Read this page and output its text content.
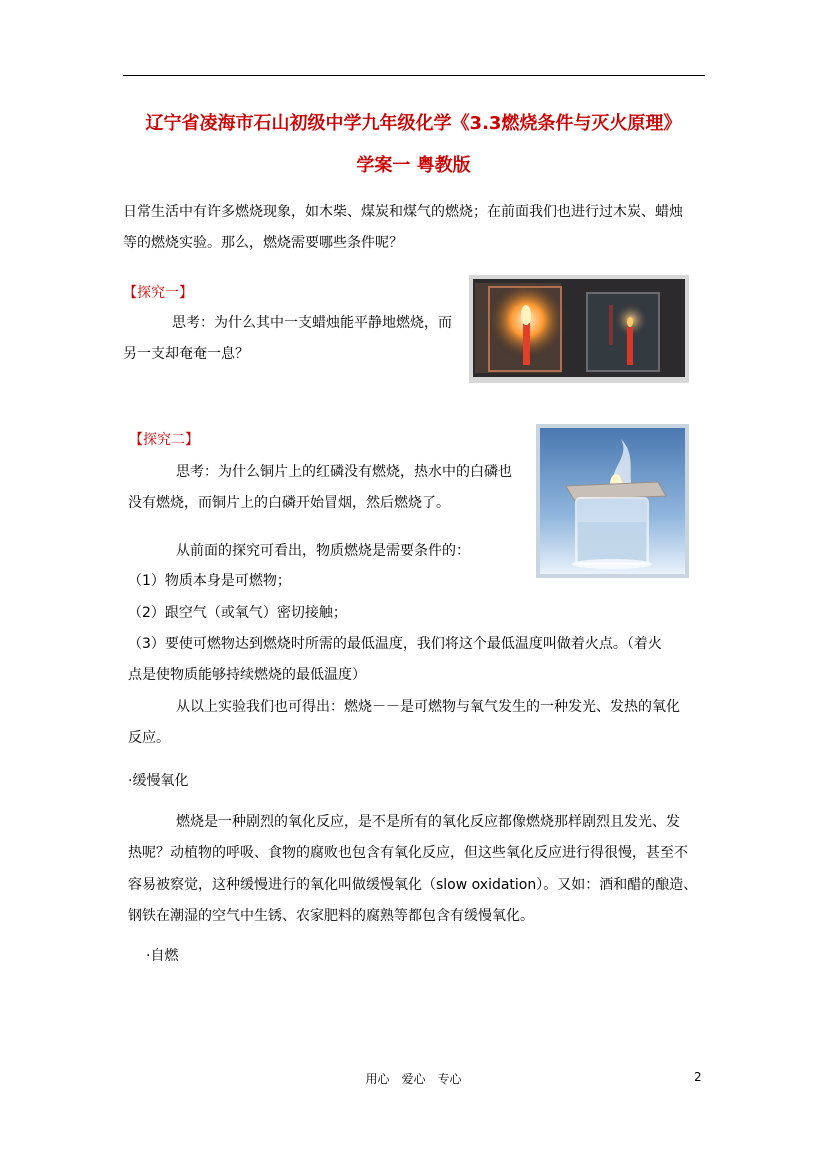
辽宁省凌海市石山初级中学九年级化学《3.3燃烧条件与灭火原理》
学案一 粤教版
日常生活中有许多燃烧现象，如木柴、煤炭和煤气的燃烧；在前面我们也进行过木炭、蜡烛
等的燃烧实验。那么，燃烧需要哪些条件呢？
【探究一】
思考：为什么其中一支蜡烛能平静地燃烧，而
另一支却奄奄一息？
【探究二】
思考：为什么铜片上的红磷没有燃烧，热水中的白磷也
没有燃烧，而铜片上的白磷开始冒烟，然后燃烧了。
从前面的探究可看出，物质燃烧是需要条件的：
（1）物质本身是可燃物；
（2）跟空气（或氧气）密切接触；
（3）要使可燃物达到燃烧时所需的最低温度，我们将这个最低温度叫做着火点。（着火
点是使物质能够持续燃烧的最低温度）
从以上实验我们也可得出：燃烧－－是可燃物与氧气发生的一种发光、发热的氧化
反应。
·缓慢氧化
燃烧是一种剧烈的氧化反应，是不是所有的氧化反应都像燃烧那样剧烈且发光、发
热呢？动植物的呼吸、食物的腐败也包含有氧化反应，但这些氧化反应进行得很慢，甚至不
容易被察觉，这种缓慢进行的氧化叫做缓慢氧化（slow oxidation）。又如：酒和醋的酿造、
钢铁在潮湿的空气中生锈、农家肥料的腐熟等都包含有缓慢氧化。
·自燃
用心　爱心　专心	2
